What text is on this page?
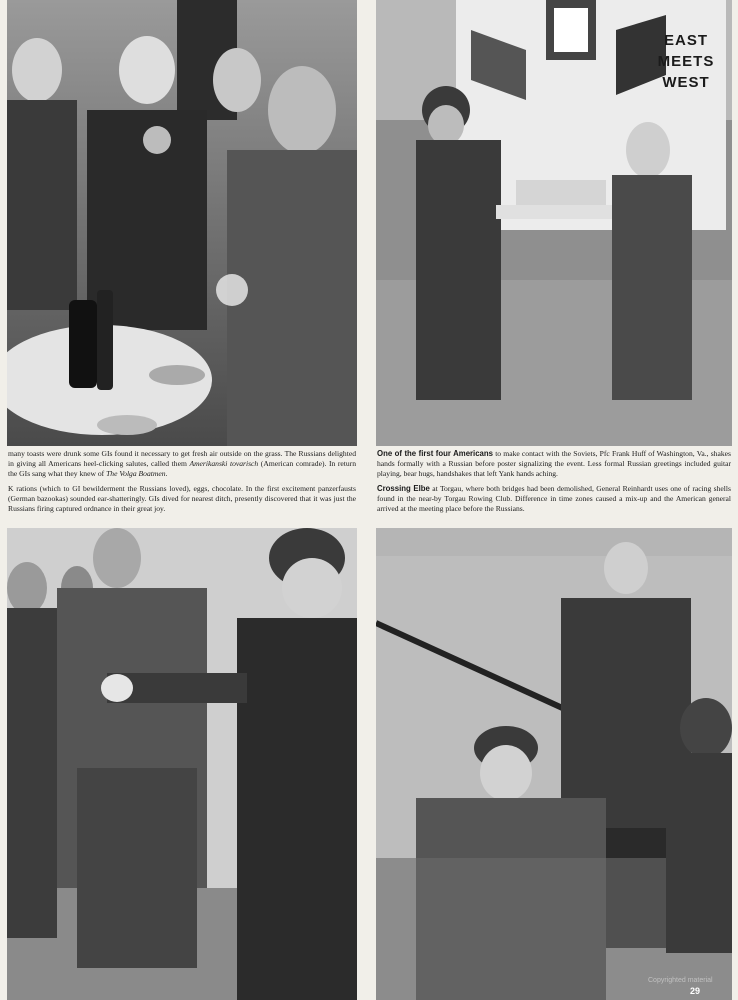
EAST
MEETS
WEST

many toasts were drunk some GIs found it necessary to get fresh air outside on the grass. The Russians delighted in giving all Americans heel-clicking salutes, called them Amerikanski tovarisch (American comrade). In return the GIs sang what they knew of The Volga Boatmen.

K rations (which to GI bewilderment the Russians loved), eggs, chocolate. In the first excitement panzerfausts (German bazookas) sounded ear-shatteringly. GIs dived for nearest ditch, presently discovered that it was just the Russians firing captured ordnance in their great joy.

One of the first four Americans to make contact with the Soviets, Pfc Frank Huff of Washington, Va., shakes hands formally with a Russian before poster signalizing the event. Less formal Russian greetings included guitar playing, bear hugs, handshakes that left Yank hands aching.

Crossing Elbe at Torgau, where both bridges had been demolished, General Reinhardt uses one of racing shells found in the near-by Torgau Rowing Club. Difference in time zones caused a mix-up and the American general arrived at the meeting place before the Russians.

Copyrighted material
29
